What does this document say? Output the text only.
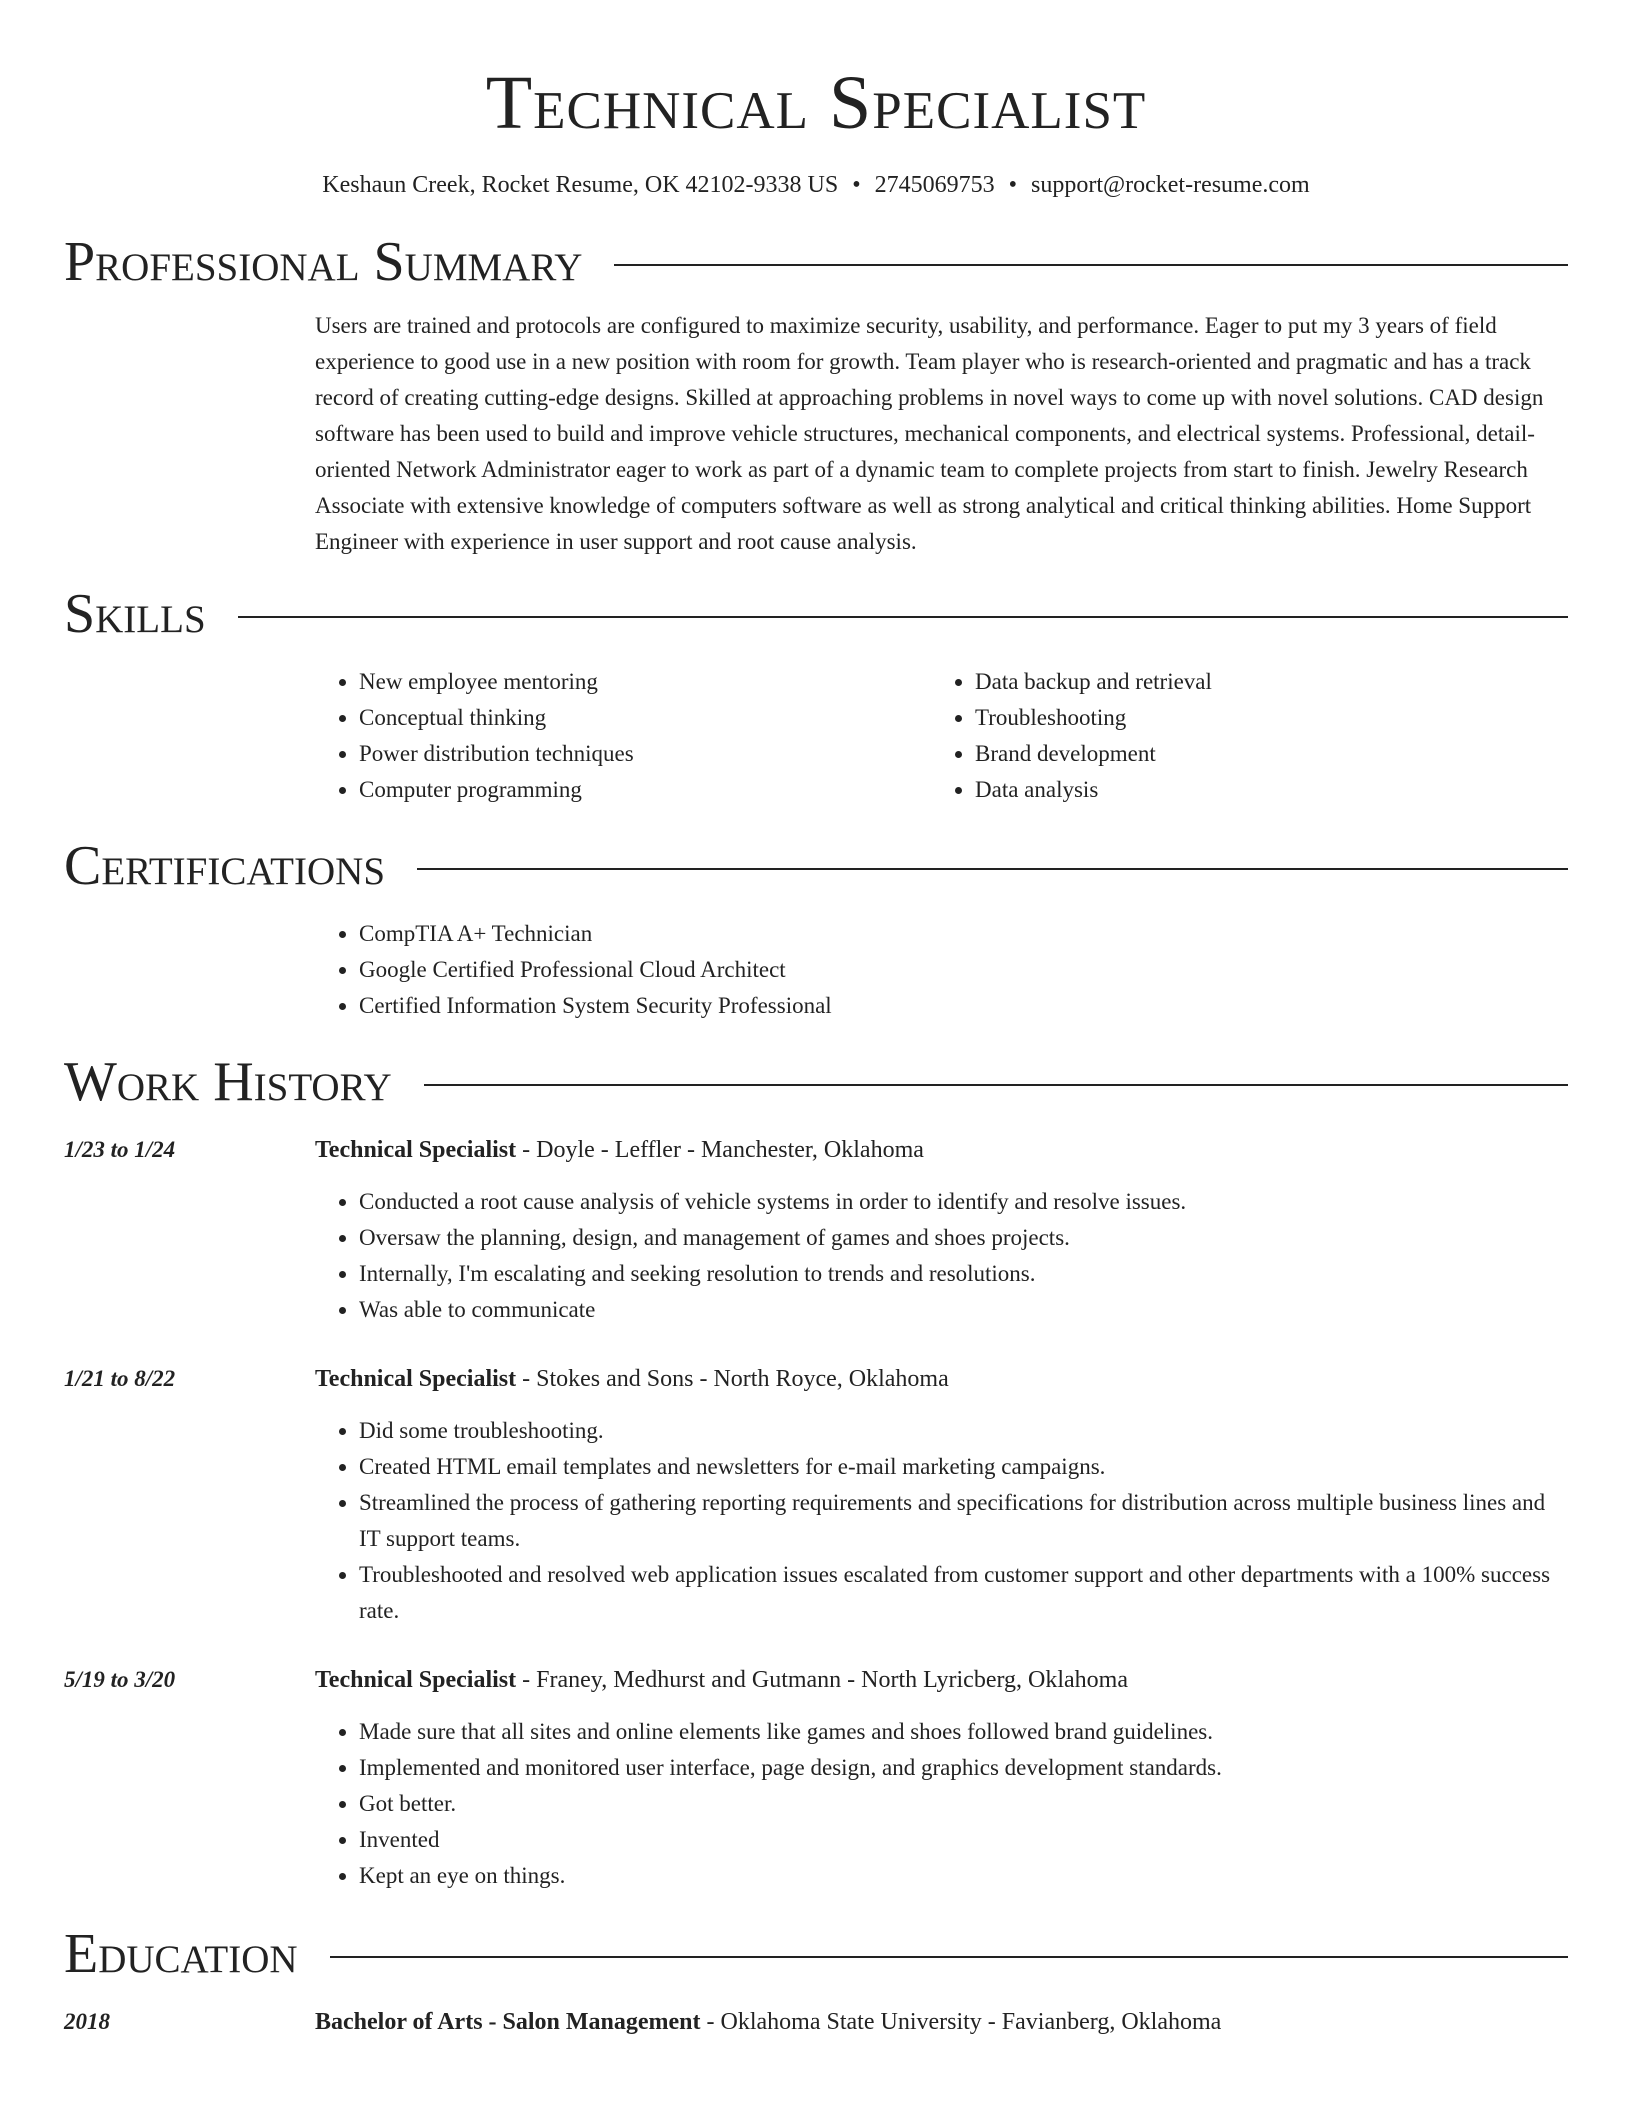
Technical Specialist
Keshaun Creek, Rocket Resume, OK 42102-9338 US • 2745069753 • support@rocket-resume.com
Professional Summary
Users are trained and protocols are configured to maximize security, usability, and performance. Eager to put my 3 years of field experience to good use in a new position with room for growth. Team player who is research-oriented and pragmatic and has a track record of creating cutting-edge designs. Skilled at approaching problems in novel ways to come up with novel solutions. CAD design software has been used to build and improve vehicle structures, mechanical components, and electrical systems. Professional, detail-oriented Network Administrator eager to work as part of a dynamic team to complete projects from start to finish. Jewelry Research Associate with extensive knowledge of computers software as well as strong analytical and critical thinking abilities. Home Support Engineer with experience in user support and root cause analysis.
Skills
• New employee mentoring
• Conceptual thinking
• Power distribution techniques
• Computer programming
• Data backup and retrieval
• Troubleshooting
• Brand development
• Data analysis
Certifications
• CompTIA A+ Technician
• Google Certified Professional Cloud Architect
• Certified Information System Security Professional
Work History
1/23 to 1/24	Technical Specialist - Doyle - Leffler - Manchester, Oklahoma
• Conducted a root cause analysis of vehicle systems in order to identify and resolve issues.
• Oversaw the planning, design, and management of games and shoes projects.
• Internally, I'm escalating and seeking resolution to trends and resolutions.
• Was able to communicate
1/21 to 8/22	Technical Specialist - Stokes and Sons - North Royce, Oklahoma
• Did some troubleshooting.
• Created HTML email templates and newsletters for e-mail marketing campaigns.
• Streamlined the process of gathering reporting requirements and specifications for distribution across multiple business lines and IT support teams.
• Troubleshooted and resolved web application issues escalated from customer support and other departments with a 100% success rate.
5/19 to 3/20	Technical Specialist - Franey, Medhurst and Gutmann - North Lyricberg, Oklahoma
• Made sure that all sites and online elements like games and shoes followed brand guidelines.
• Implemented and monitored user interface, page design, and graphics development standards.
• Got better.
• Invented
• Kept an eye on things.
Education
2018	Bachelor of Arts - Salon Management - Oklahoma State University - Favianberg, Oklahoma
